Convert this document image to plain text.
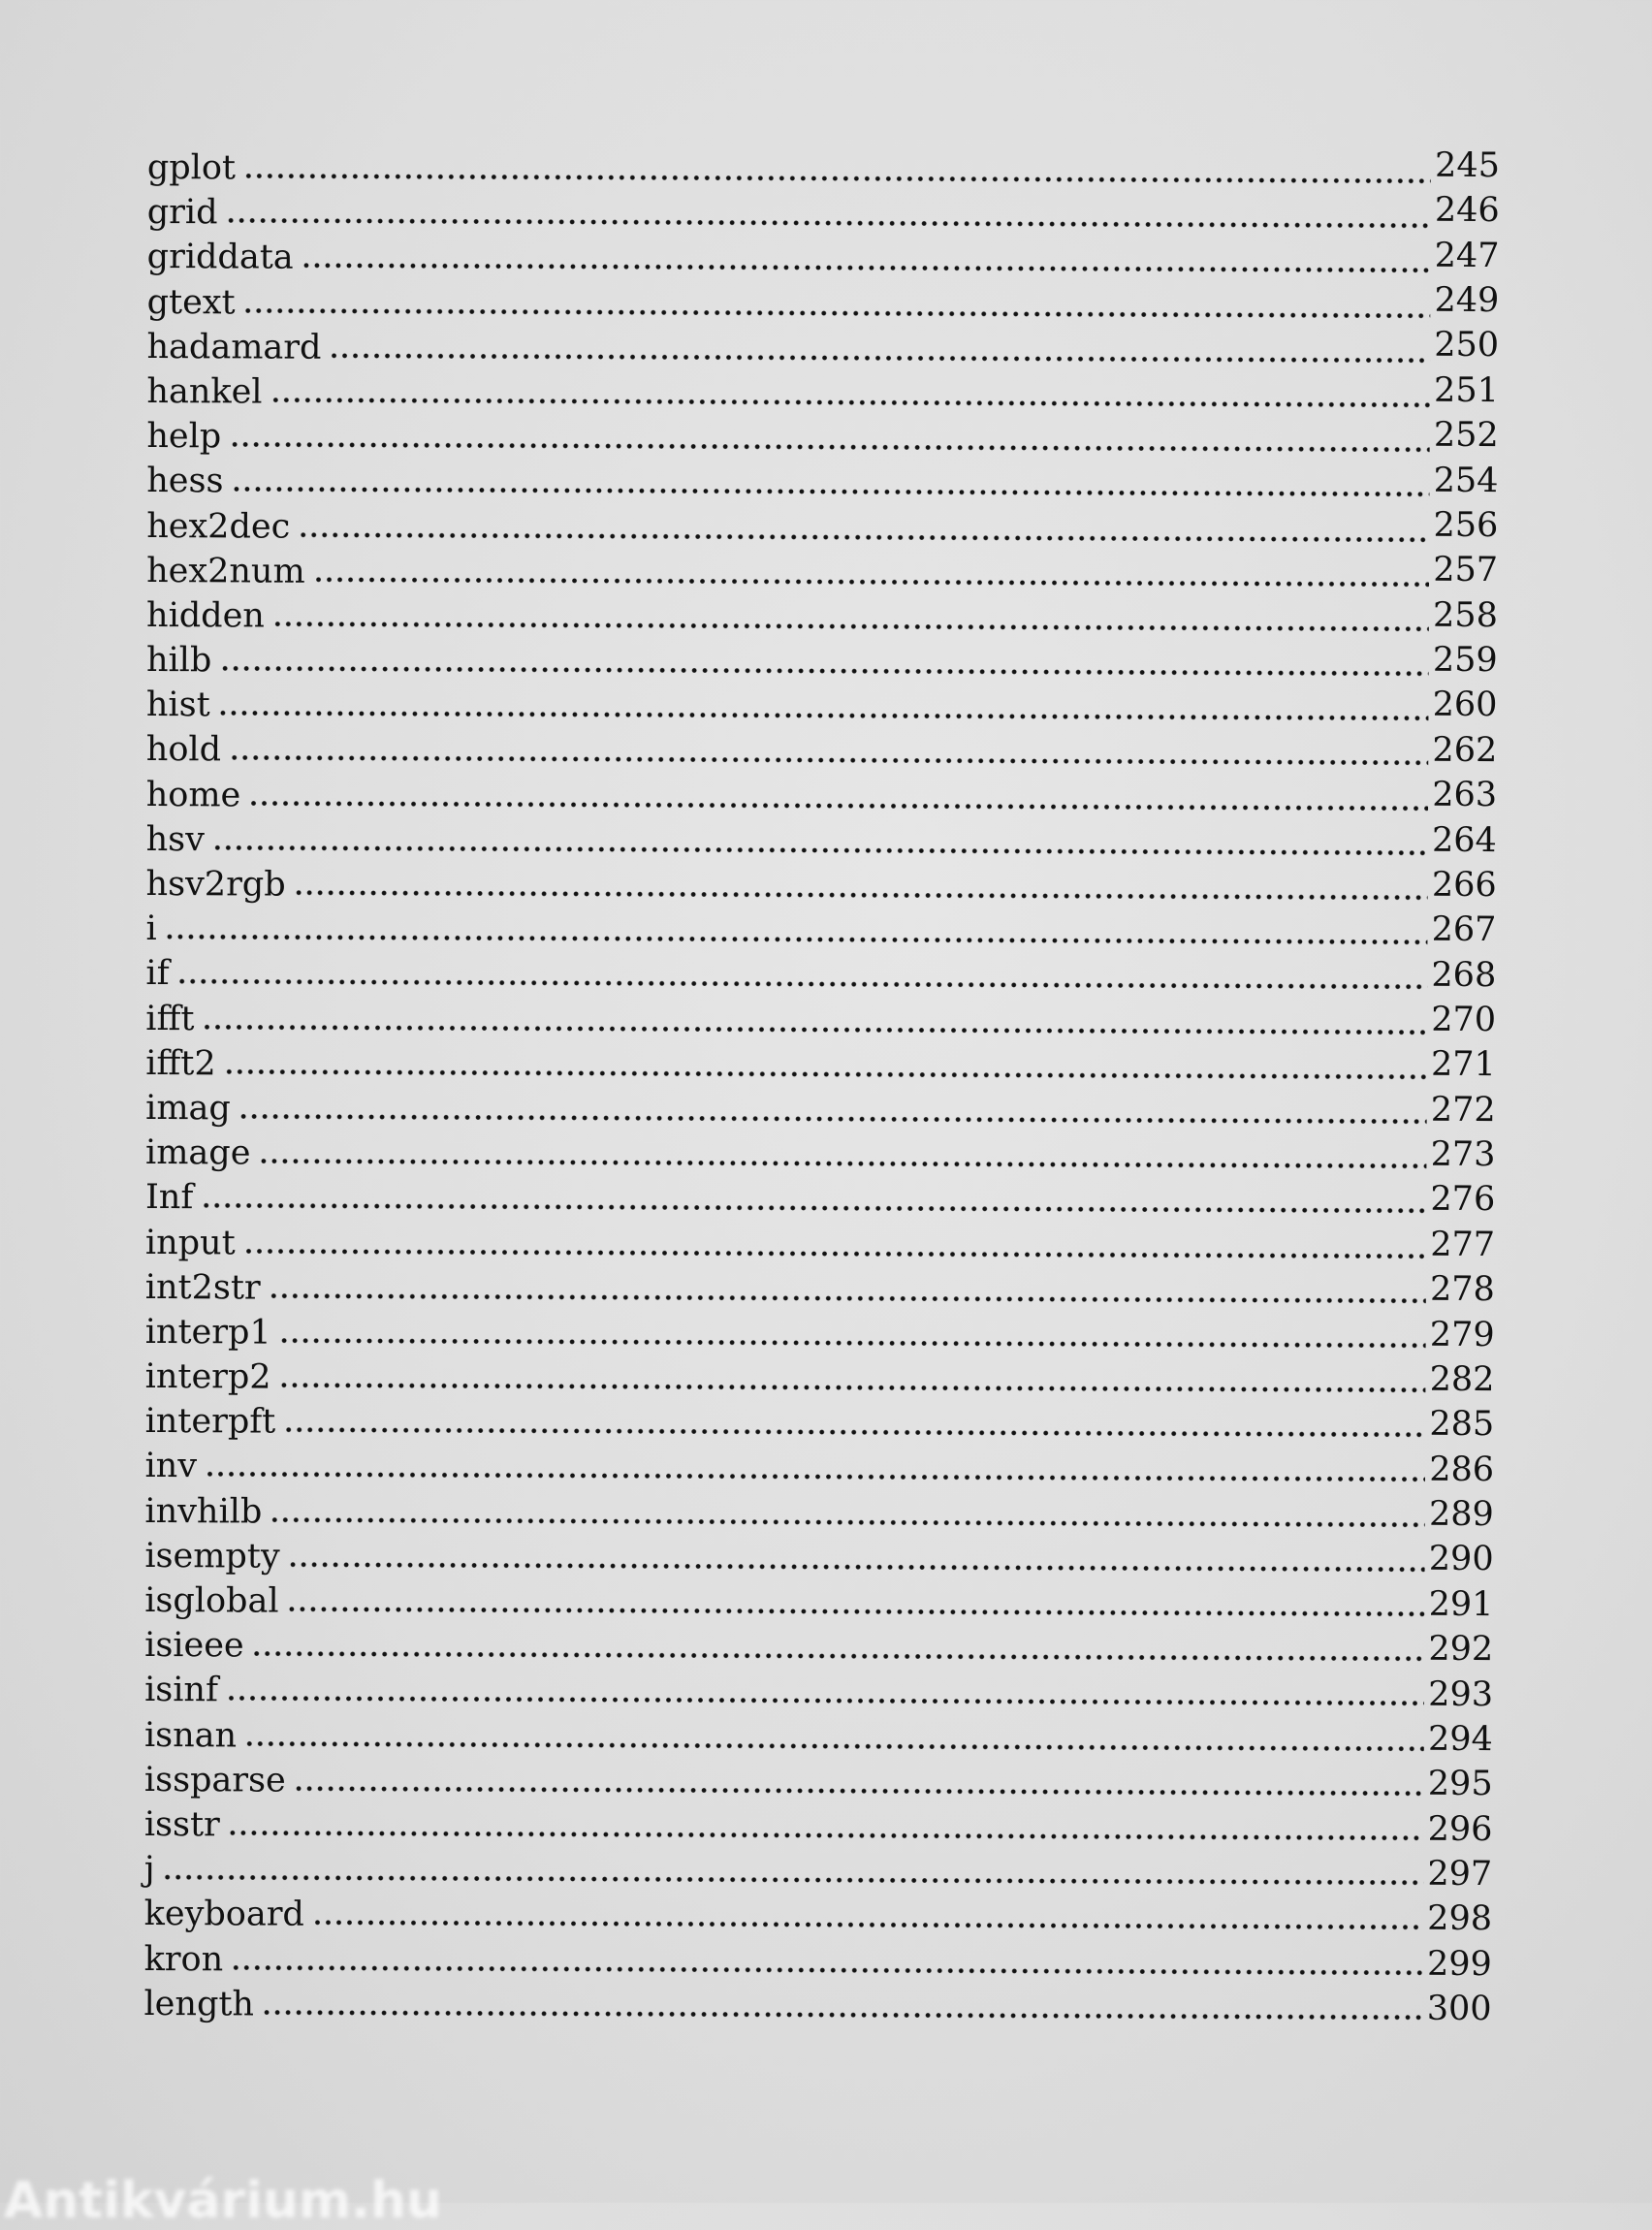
gplot	245
grid	246
griddata	247
gtext	249
hadamard	250
hankel	251
help	252
hess	254
hex2dec	256
hex2num	257
hidden	258
hilb	259
hist	260
hold	262
home	263
hsv	264
hsv2rgb	266
i	267
if	268
ifft	270
ifft2	271
imag	272
image	273
Inf	276
input	277
int2str	278
interp1	279
interp2	282
interpft	285
inv	286
invhilb	289
isempty	290
isglobal	291
isieee	292
isinf	293
isnan	294
issparse	295
isstr	296
j	297
keyboard	298
kron	299
length	300
Antikvárium.hu
